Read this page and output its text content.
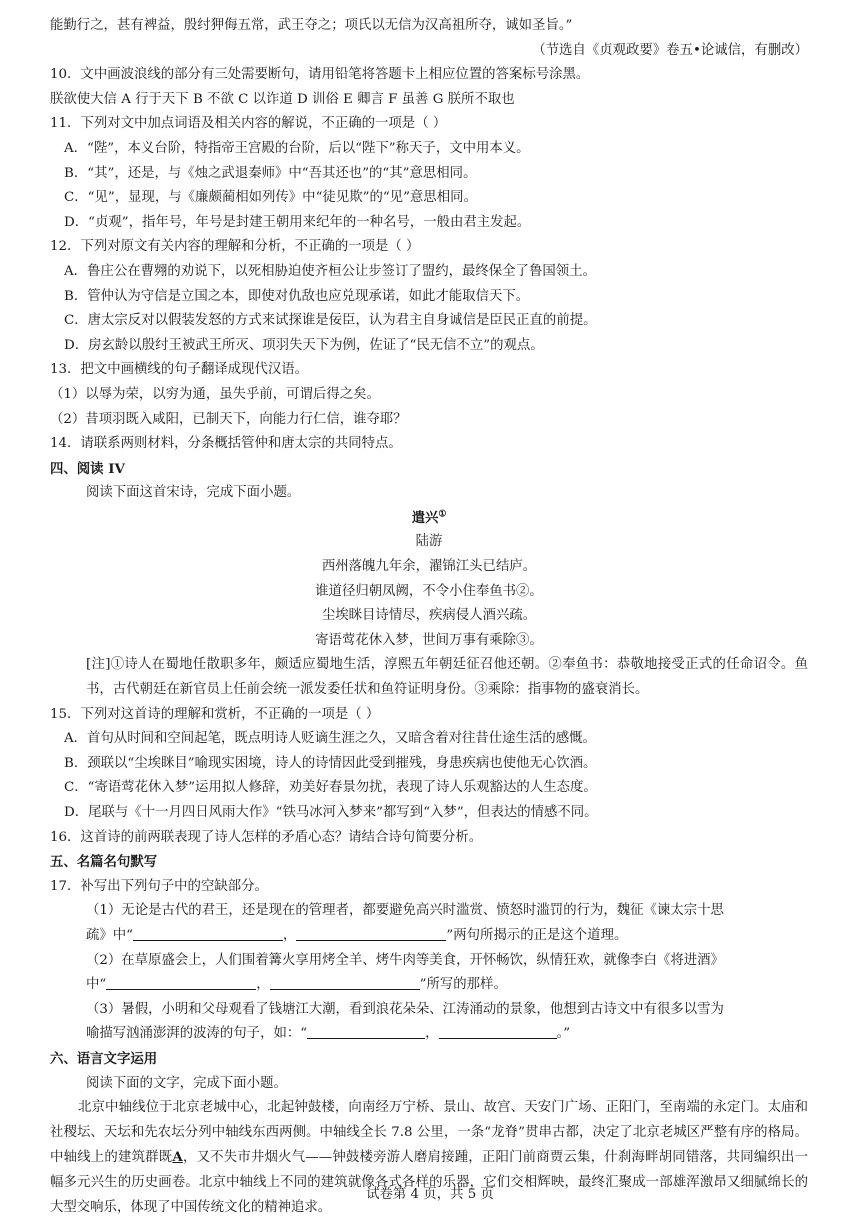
能勤行之，甚有裨益，殷纣狎侮五常，武王夺之；项氏以无信为汉高祖所夺，诚如圣旨。”
（节选自《贞观政要》卷五•论诚信，有删改）
10．文中画波浪线的部分有三处需要断句，请用铅笔将答题卡上相应位置的答案标号涂黑。
朕欲使大信 A 行于天下 B 不欲 C 以诈道 D 训俗 E 卿言 F 虽善 G 朕所不取也
11．下列对文中加点词语及相关内容的解说，不正确的一项是（ ）
A．“陛”，本义台阶，特指帝王宫殿的台阶，后以“陛下”称天子，文中用本义。
B．“其”，还是，与《烛之武退秦师》中“吾其还也”的“其”意思相同。
C．“见”，显现，与《廉颇蔺相如列传》中“徒见欺”的“见”意思相同。
D．“贞观”，指年号，年号是封建王朝用来纪年的一种名号，一般由君主发起。
12．下列对原文有关内容的理解和分析，不正确的一项是（ ）
A．鲁庄公在曹翙的劝说下，以死相胁迫使齐桓公让步签订了盟约，最终保全了鲁国领土。
B．管仲认为守信是立国之本，即使对仇敌也应兑现承诺，如此才能取信天下。
C．唐太宗反对以假装发怒的方式来试探谁是佞臣，认为君主自身诚信是臣民正直的前提。
D．房玄龄以殷纣王被武王所灭、项羽失天下为例，佐证了“民无信不立”的观点。
13．把文中画横线的句子翻译成现代汉语。
（1）以辱为荣，以穷为通，虽失乎前，可谓后得之矣。
（2）昔项羽既入咸阳，已制天下，向能力行仁信，谁夺耶？
14．请联系两则材料，分条概括管仲和唐太宗的共同特点。
四、阅读 IV
阅读下面这首宋诗，完成下面小题。
遣兴①
陆游
西州落魄九年余，濯锦江头已结庐。
谁道径归朝凤阙，不令小住奉鱼书②。
尘埃眯目诗情尽，疾病侵人酒兴疏。
寄语莺花休入梦，世间万事有乘除③。
[注]①诗人在蜀地任散职多年，颇适应蜀地生活，淳熙五年朝廷征召他还朝。②奉鱼书：恭敬地接受正式的任命诏令。鱼书，古代朝廷在新官员上任前会统一派发委任状和鱼符证明身份。③乘除：指事物的盛衰消长。
15．下列对这首诗的理解和赏析，不正确的一项是（ ）
A．首句从时间和空间起笔，既点明诗人贬谪生涯之久，又暗含着对往昔仕途生活的感慨。
B．颈联以“尘埃眯目”喻现实困境，诗人的诗情因此受到摧残，身患疾病也使他无心饮酒。
C．“寄语莺花休入梦”运用拟人修辞，劝美好春景勿扰，表现了诗人乐观豁达的人生态度。
D．尾联与《十一月四日风雨大作》“铁马冰河入梦来”都写到“入梦”，但表达的情感不同。
16．这首诗的前两联表现了诗人怎样的矛盾心态？请结合诗句简要分析。
五、名篇名句默写
17．补写出下列句子中的空缺部分。
（1）无论是古代的君王，还是现在的管理者，都要避免高兴时滥赏、愤怒时滥罚的行为，魏征《谏太宗十思
疏》中“	，	”两句所揭示的正是这个道理。
（2）在草原盛会上，人们围着篝火享用烤全羊、烤牛肉等美食，开怀畅饮，纵情狂欢，就像李白《将进酒》
中“	，	”所写的那样。
（3）暑假，小明和父母观看了钱塘江大潮，看到浪花朵朵、江涛涌动的景象，他想到古诗文中有很多以雪为
喻描写汹涌澎湃的波涛的句子，如：“	，	。”
六、语言文字运用
阅读下面的文字，完成下面小题。
北京中轴线位于北京老城中心，北起钟鼓楼，向南经万宁桥、景山、故宫、天安门广场、正阳门，至南端的永定门。太庙和社稷坛、天坛和先农坛分列中轴线东西两侧。中轴线全长 7.8 公里，一条“龙脊”贯串古都，决定了北京老城区严整有序的格局。中轴线上的建筑群既A，又不失市井烟火气——钟鼓楼旁游人磨肩接踵，正阳门前商贾云集，什刹海畔胡同错落，共同编织出一幅多元兴生的历史画卷。北京中轴线上不同的建筑就像各式各样的乐器，它们交相辉映，最终汇聚成一部雄浑激昂又细腻绵长的大型交响乐，体现了中国传统文化的精神追求。
试卷第 4 页，共 5 页
